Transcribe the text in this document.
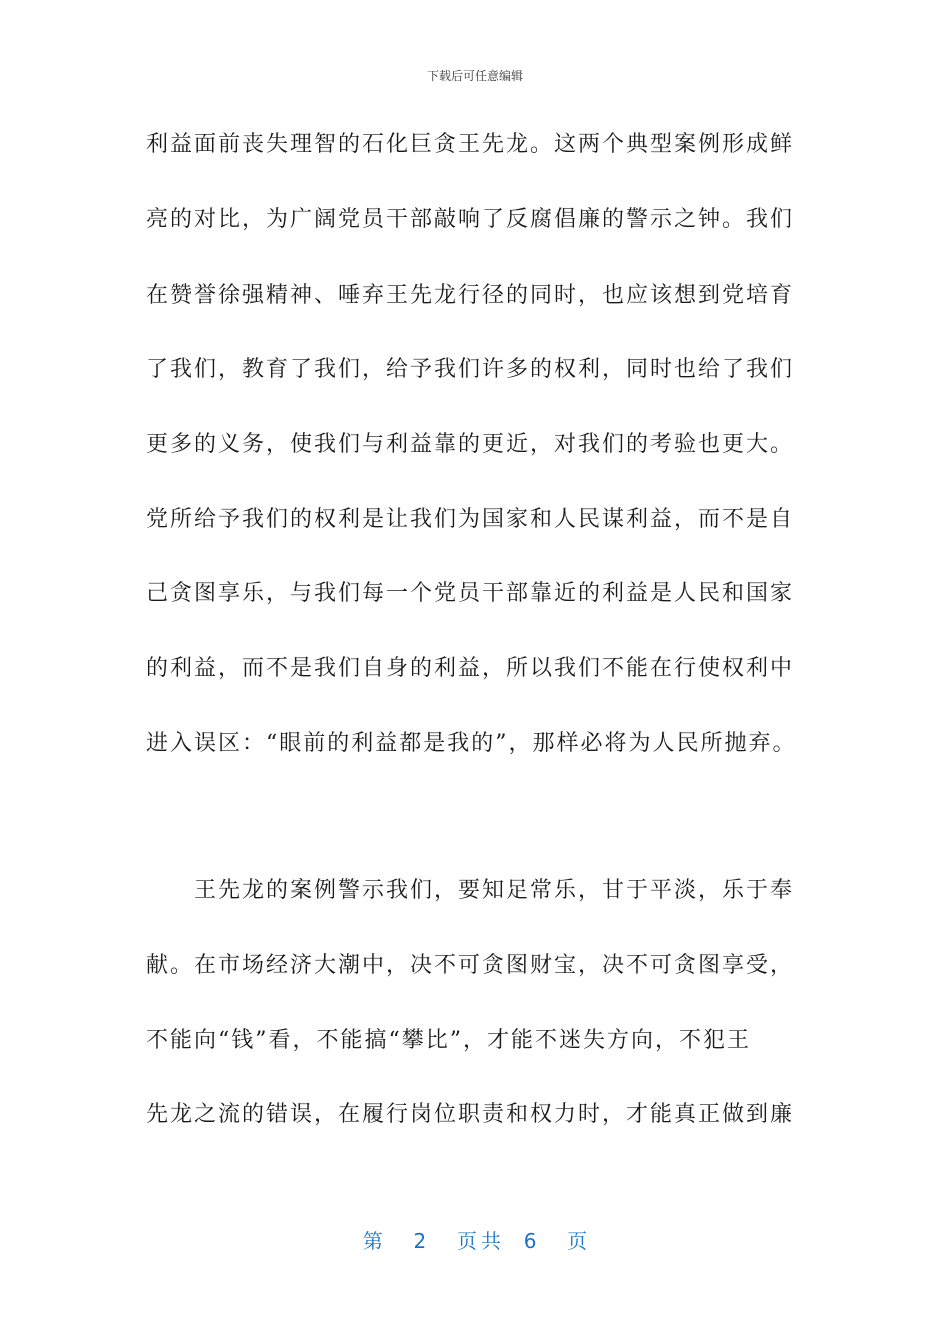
下载后可任意编辑
利益面前丧失理智的石化巨贪王先龙。这两个典型案例形成鲜
亮的对比，为广阔党员干部敲响了反腐倡廉的警示之钟。我们
在赞誉徐强精神、唾弃王先龙行径的同时，也应该想到党培育
了我们，教育了我们，给予我们许多的权利，同时也给了我们
更多的义务，使我们与利益靠的更近，对我们的考验也更大。
党所给予我们的权利是让我们为国家和人民谋利益，而不是自
己贪图享乐，与我们每一个党员干部靠近的利益是人民和国家
的利益，而不是我们自身的利益，所以我们不能在行使权利中
进入误区：“眼前的利益都是我的”，那样必将为人民所抛弃。
　　王先龙的案例警示我们，要知足常乐，甘于平淡，乐于奉
献。在市场经济大潮中，决不可贪图财宝，决不可贪图享受，
不能向“钱”看，不能搞“攀比”，才能不迷失方向，不犯王
先龙之流的错误，在履行岗位职责和权力时，才能真正做到廉
第 2 页共 6 页
